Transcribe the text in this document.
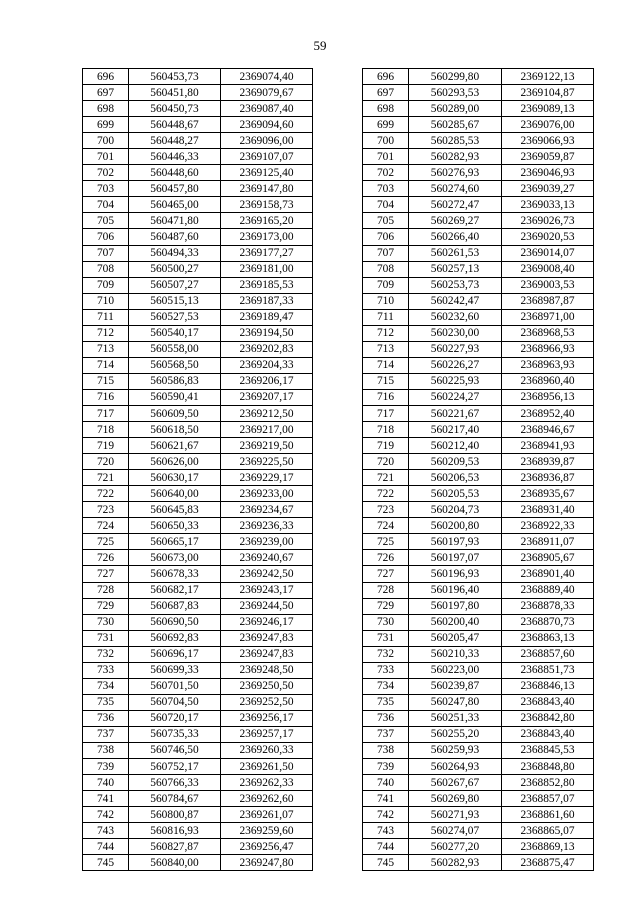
59
696	560453,73	2369074,40		696	560299,80	2369122,13
697	560451,80	2369079,67		697	560293,53	2369104,87
698	560450,73	2369087,40		698	560289,00	2369089,13
699	560448,67	2369094,60		699	560285,67	2369076,00
700	560448,27	2369096,00		700	560285,53	2369066,93
701	560446,33	2369107,07		701	560282,93	2369059,87
702	560448,60	2369125,40		702	560276,93	2369046,93
703	560457,80	2369147,80		703	560274,60	2369039,27
704	560465,00	2369158,73		704	560272,47	2369033,13
705	560471,80	2369165,20		705	560269,27	2369026,73
706	560487,60	2369173,00		706	560266,40	2369020,53
707	560494,33	2369177,27		707	560261,53	2369014,07
708	560500,27	2369181,00		708	560257,13	2369008,40
709	560507,27	2369185,53		709	560253,73	2369003,53
710	560515,13	2369187,33		710	560242,47	2368987,87
711	560527,53	2369189,47		711	560232,60	2368971,00
712	560540,17	2369194,50		712	560230,00	2368968,53
713	560558,00	2369202,83		713	560227,93	2368966,93
714	560568,50	2369204,33		714	560226,27	2368963,93
715	560586,83	2369206,17		715	560225,93	2368960,40
716	560590,41	2369207,17		716	560224,27	2368956,13
717	560609,50	2369212,50		717	560221,67	2368952,40
718	560618,50	2369217,00		718	560217,40	2368946,67
719	560621,67	2369219,50		719	560212,40	2368941,93
720	560626,00	2369225,50		720	560209,53	2368939,87
721	560630,17	2369229,17		721	560206,53	2368936,87
722	560640,00	2369233,00		722	560205,53	2368935,67
723	560645,83	2369234,67		723	560204,73	2368931,40
724	560650,33	2369236,33		724	560200,80	2368922,33
725	560665,17	2369239,00		725	560197,93	2368911,07
726	560673,00	2369240,67		726	560197,07	2368905,67
727	560678,33	2369242,50		727	560196,93	2368901,40
728	560682,17	2369243,17		728	560196,40	2368889,40
729	560687,83	2369244,50		729	560197,80	2368878,33
730	560690,50	2369246,17		730	560200,40	2368870,73
731	560692,83	2369247,83		731	560205,47	2368863,13
732	560696,17	2369247,83		732	560210,33	2368857,60
733	560699,33	2369248,50		733	560223,00	2368851,73
734	560701,50	2369250,50		734	560239,87	2368846,13
735	560704,50	2369252,50		735	560247,80	2368843,40
736	560720,17	2369256,17		736	560251,33	2368842,80
737	560735,33	2369257,17		737	560255,20	2368843,40
738	560746,50	2369260,33		738	560259,93	2368845,53
739	560752,17	2369261,50		739	560264,93	2368848,80
740	560766,33	2369262,33		740	560267,67	2368852,80
741	560784,67	2369262,60		741	560269,80	2368857,07
742	560800,87	2369261,07		742	560271,93	2368861,60
743	560816,93	2369259,60		743	560274,07	2368865,07
744	560827,87	2369256,47		744	560277,20	2368869,13
745	560840,00	2369247,80		745	560282,93	2368875,47
